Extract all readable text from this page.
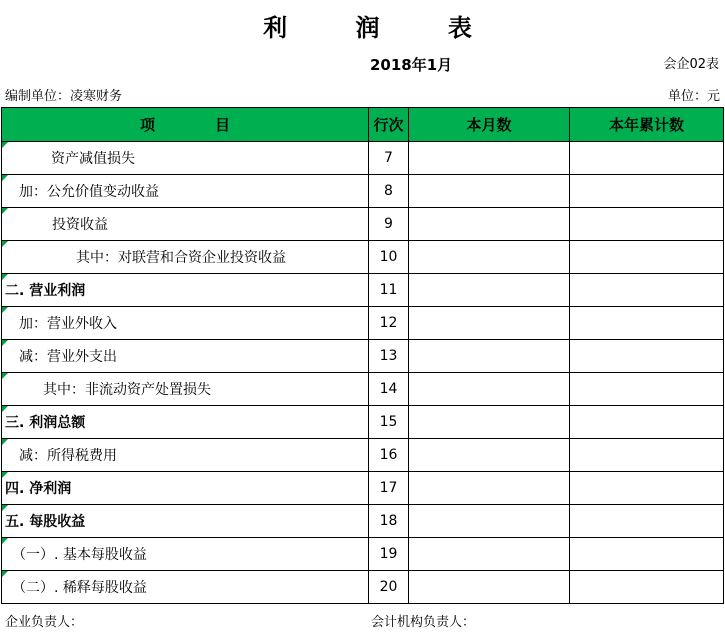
利 润 表
2018年1月	会企02表
编制单位：凌寒财务	单位：元
项　　　　目	行次	本月数	本年累计数
资产减值损失	7		
加：公允价值变动收益	8		
投资收益	9		
其中：对联营和合资企业投资收益	10		
二. 营业利润	11		
加：营业外收入	12		
减：营业外支出	13		
其中：非流动资产处置损失	14		
三. 利润总额	15		
减：所得税费用	16		
四. 净利润	17		
五. 每股收益	18		
（一）. 基本每股收益	19		
（二）. 稀释每股收益	20		
企业负责人：	会计机构负责人：
